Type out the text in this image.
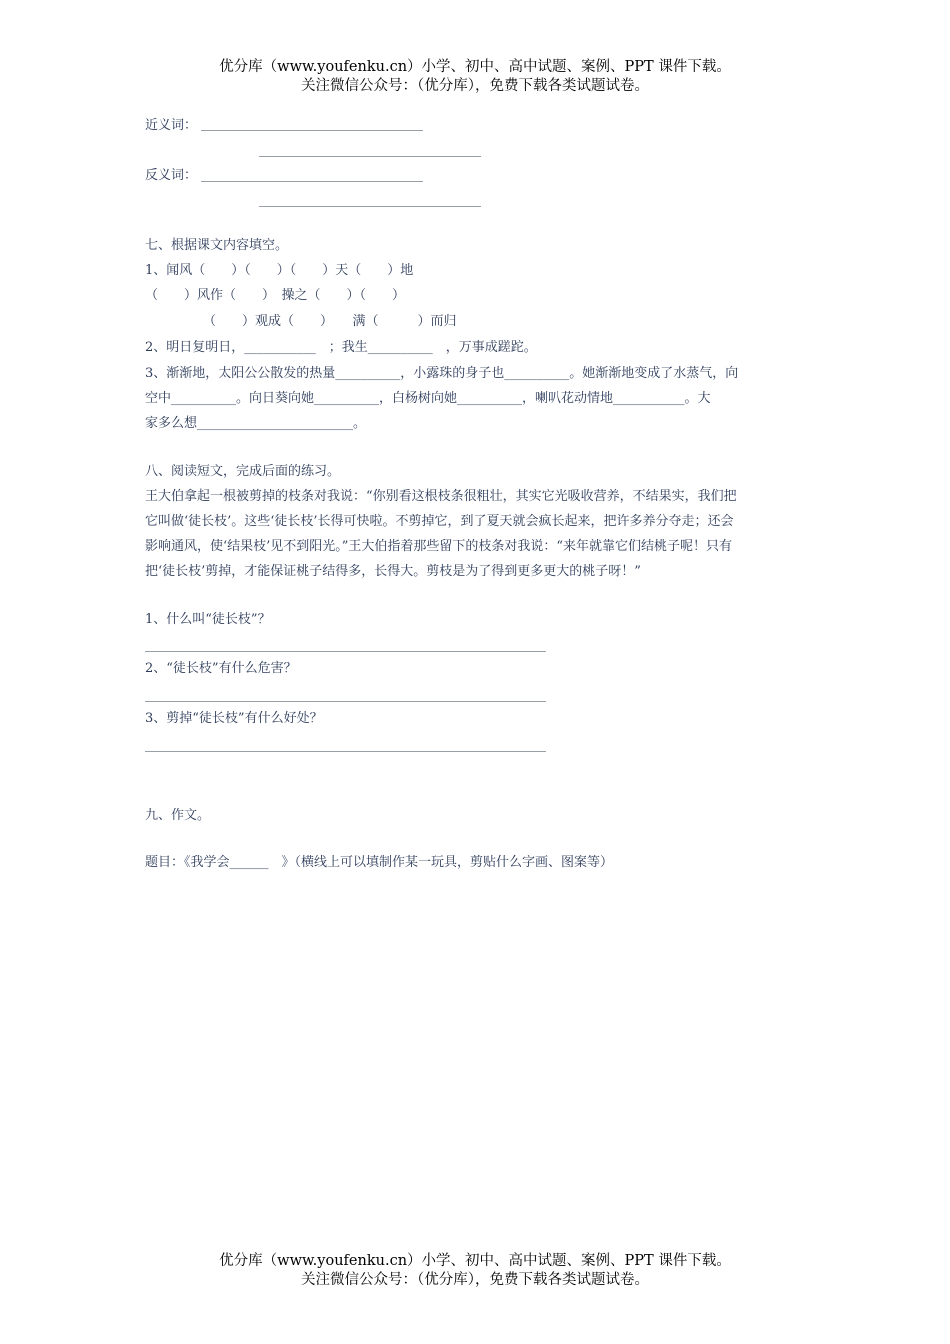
优分库（www.youfenku.cn）小学、初中、高中试题、案例、PPT 课件下载。
关注微信公众号：（优分库），免费下载各类试题试卷。
近义词：
反义词：
七、根据课文内容填空。
1、闻风（　　）（　　）（　　）天（　　）地
（　　）风作（　　）　操之（　　）（　　）
（　　）观成（　　）　　满（　　　）而归
2、明日复明日，___________　；我生__________　，万事成蹉跎。
3、渐渐地，太阳公公散发的热量__________，小露珠的身子也__________。她渐渐地变成了水蒸气，向
空中__________。向日葵向她__________，白杨树向她__________，喇叭花动情地___________。大
家多么想________________________。
八、阅读短文，完成后面的练习。
王大伯拿起一根被剪掉的枝条对我说：“你别看这根枝条很粗壮，其实它光吸收营养，不结果实，我们把
它叫做‘徒长枝’。这些‘徒长枝’长得可快啦。不剪掉它，到了夏天就会疯长起来，把许多养分夺走；还会
影响通风，使‘结果枝’见不到阳光。”王大伯指着那些留下的枝条对我说：“来年就靠它们结桃子呢！只有
把‘徒长枝’剪掉，才能保证桃子结得多，长得大。剪枝是为了得到更多更大的桃子呀！”
1、什么叫“徒长枝”？
2、“徒长枝”有什么危害？
3、剪掉“徒长枝”有什么好处？
九、作文。
题目：《我学会______　》（横线上可以填制作某一玩具，剪贴什么字画、图案等）
优分库（www.youfenku.cn）小学、初中、高中试题、案例、PPT 课件下载。
关注微信公众号：（优分库），免费下载各类试题试卷。
